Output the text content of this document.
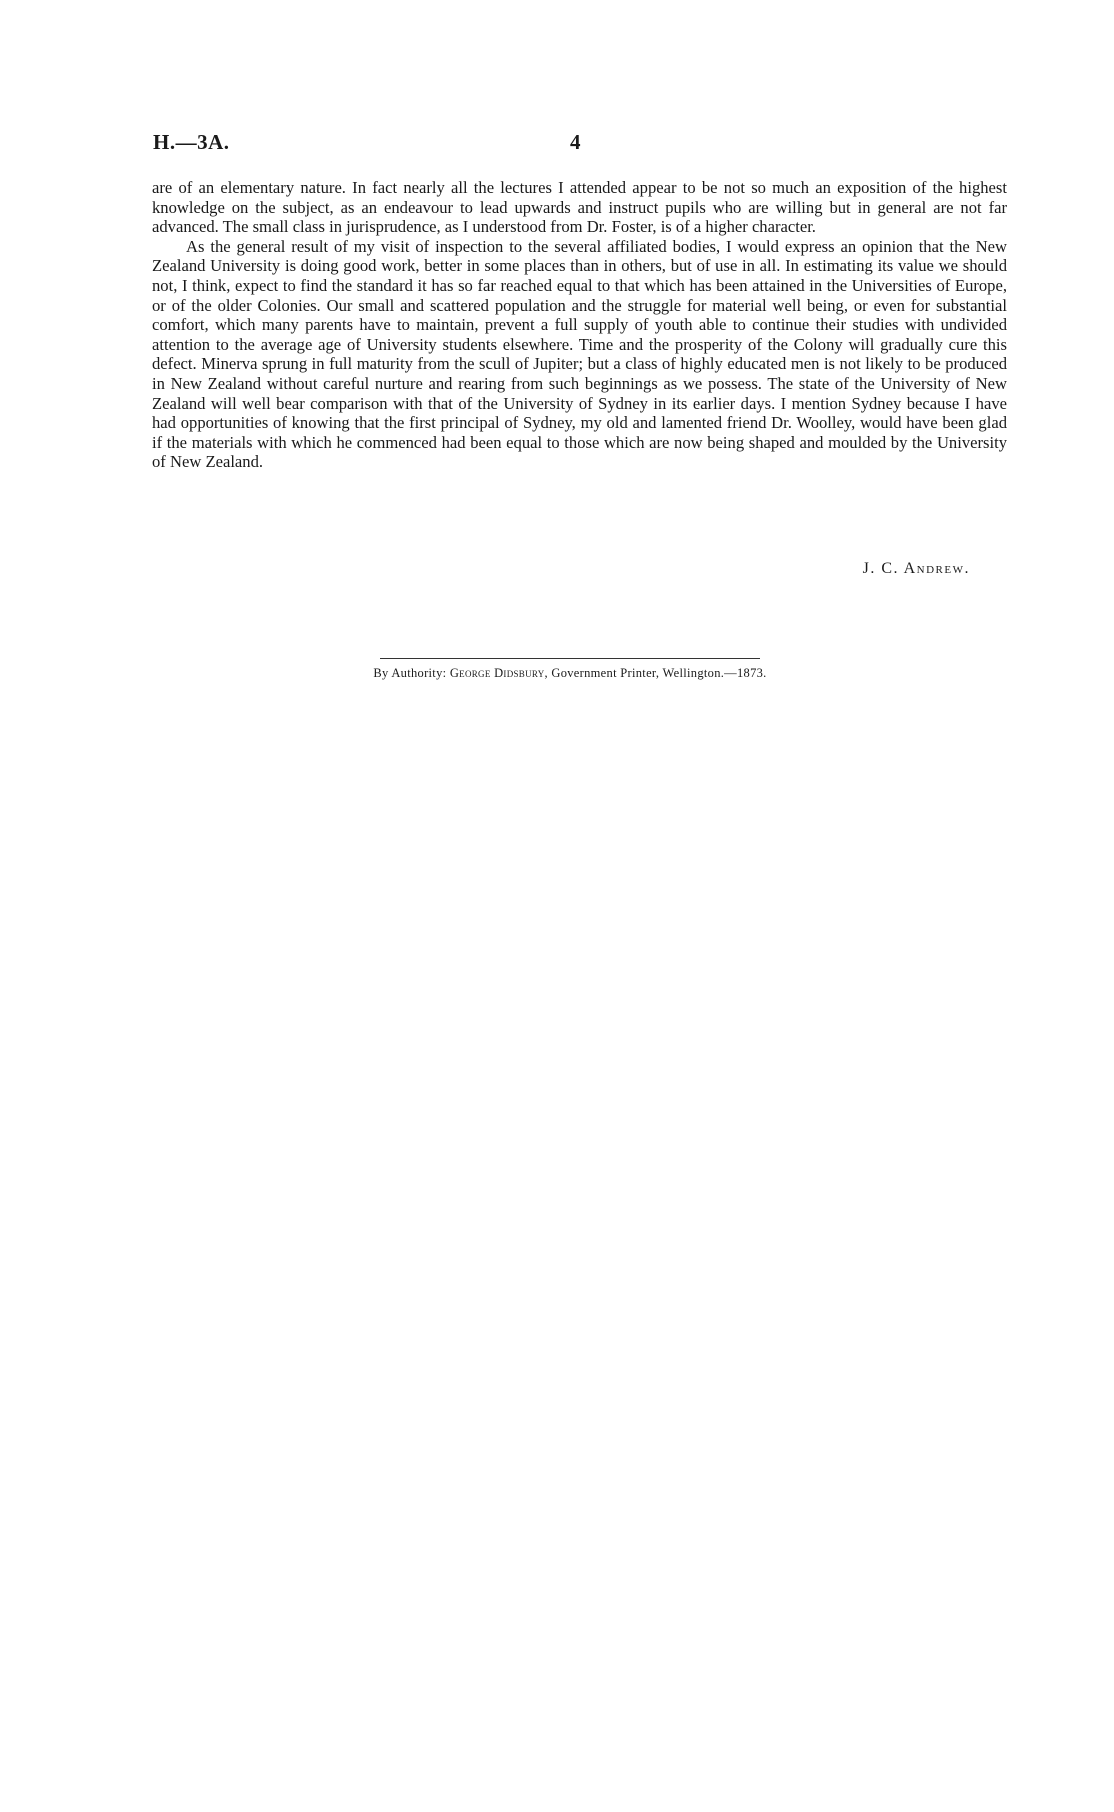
H.—3A.	4

are of an elementary nature. In fact nearly all the lectures I attended appear to be not so much an exposition of the highest knowledge on the subject, as an endeavour to lead upwards and instruct pupils who are willing but in general are not far advanced. The small class in jurisprudence, as I understood from Dr. Foster, is of a higher character.

As the general result of my visit of inspection to the several affiliated bodies, I would express an opinion that the New Zealand University is doing good work, better in some places than in others, but of use in all. In estimating its value we should not, I think, expect to find the standard it has so far reached equal to that which has been attained in the Universities of Europe, or of the older Colonies. Our small and scattered population and the struggle for material well being, or even for substantial comfort, which many parents have to maintain, prevent a full supply of youth able to continue their studies with undivided attention to the average age of University students elsewhere. Time and the prosperity of the Colony will gradually cure this defect. Minerva sprung in full maturity from the scull of Jupiter; but a class of highly educated men is not likely to be produced in New Zealand without careful nurture and rearing from such beginnings as we possess. The state of the University of New Zealand will well bear comparison with that of the University of Sydney in its earlier days. I mention Sydney because I have had opportunities of knowing that the first principal of Sydney, my old and lamented friend Dr. Woolley, would have been glad if the materials with which he commenced had been equal to those which are now being shaped and moulded by the University of New Zealand.

J. C. Andrew.
By Authority: George Didsbury, Government Printer, Wellington.—1873.
